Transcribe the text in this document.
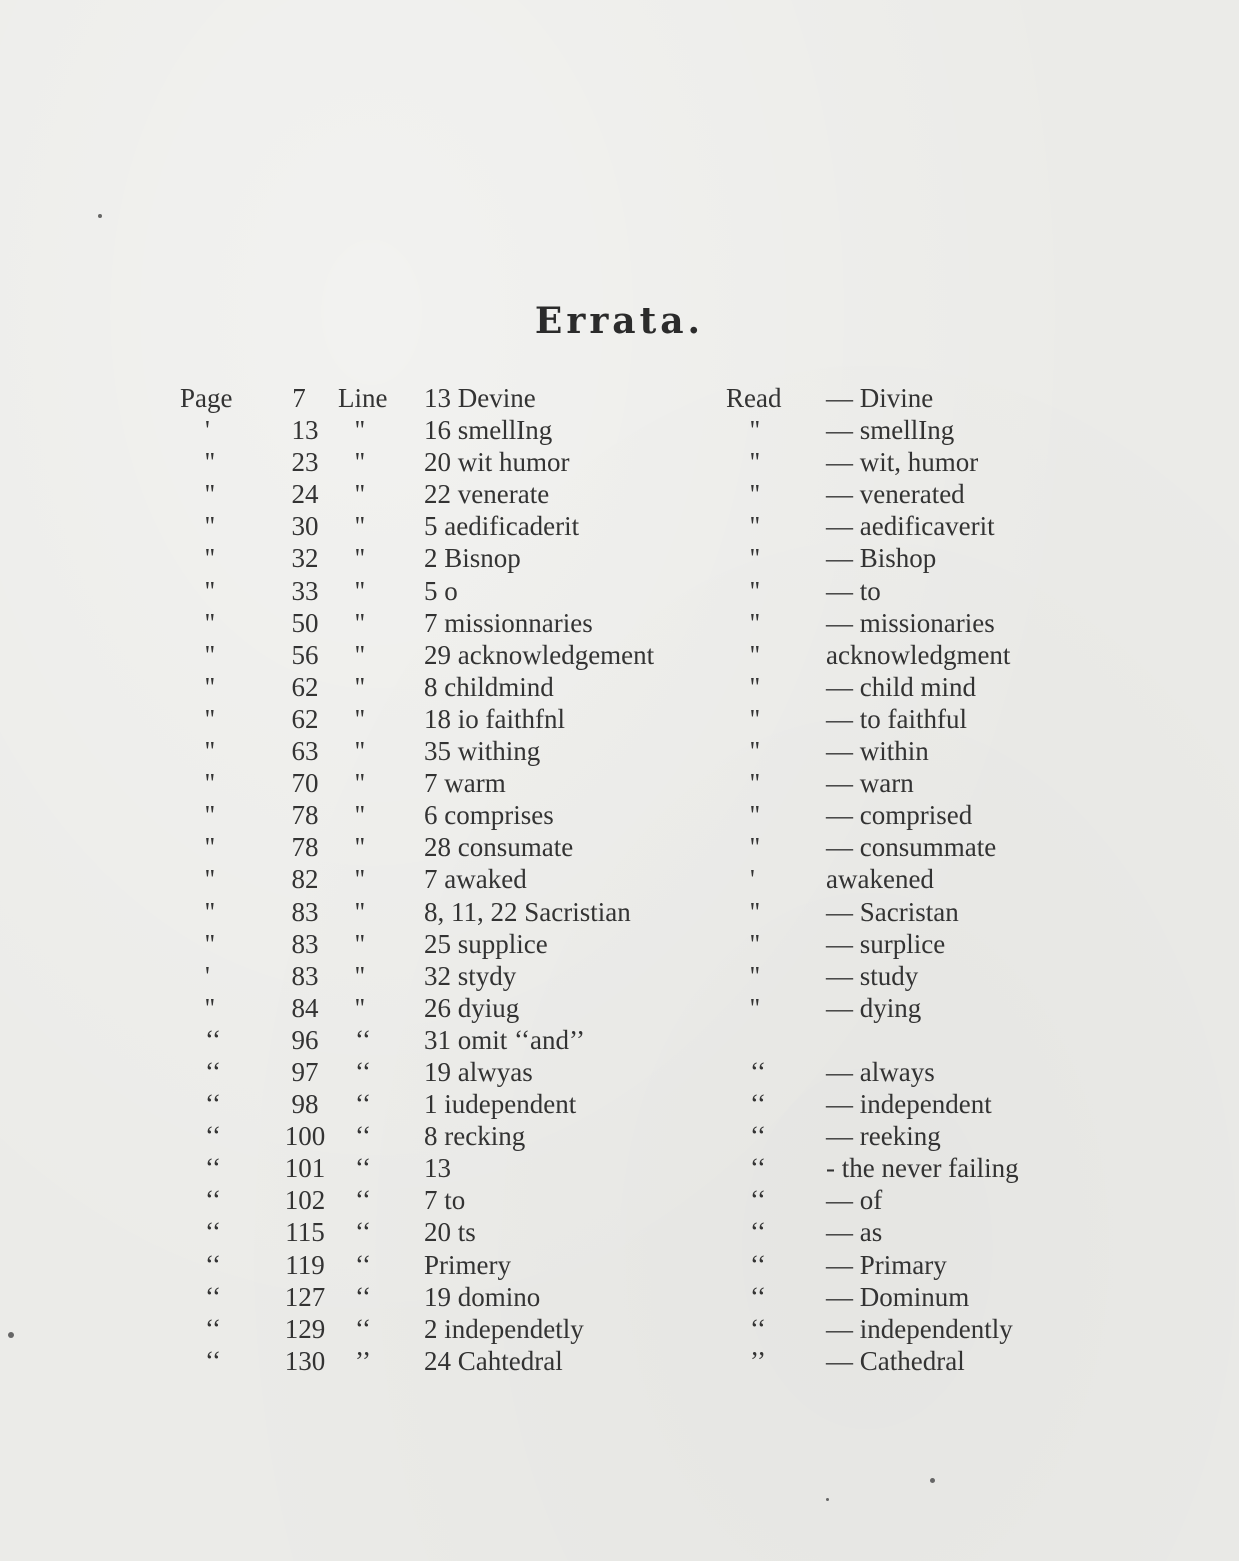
Errata.
Page	7	Line 13 Devine	Read — Divine
'	13	'' 16 smellIng	'' — smellIng
''	23	'' 20 wit humor	'' — wit, humor
''	24	'' 22 venerate	'' — venerated
''	30	'' 5 aedificaderit	'' — aedificaverit
''	32	'' 2 Bisnop	'' — Bishop
''	33	'' 5 o	'' — to
''	50	'' 7 missionnaries	'' — missionaries
''	56	'' 29 acknowledgement	'' acknowledgment
''	62	'' 8 childmind	'' — child mind
''	62	'' 18 io faithfnl	'' — to faithful
''	63	'' 35 withing	'' — within
''	70	'' 7 warm	'' — warn
''	78	'' 6 comprises	'' — comprised
''	78	'' 28 consumate	'' — consummate
''	82	'' 7 awaked	'	awakened
''	83	'' 8, 11, 22 Sacristian	'' — Sacristan
''	83	'' 25 supplice	'' — surplice
'	83	'' 32 stydy	'' — study
''	84	'' 26 dyiug	'' — dying
‘‘	96	‘‘ 31 omit ‘‘and’’
‘‘	97	‘‘ 19 alwyas	‘‘ — always
‘‘	98	‘‘ 1 iudependent	‘‘ — independent
‘‘	100	‘‘ 8 recking	‘‘ — reeking
‘‘	101	‘‘ 13	‘‘ - the never failing
‘‘	102	‘‘ 7 to	‘‘ — of
‘‘	115	‘‘ 20 ts	‘‘ — as
‘‘	119	‘‘ Primery	‘‘ — Primary
‘‘	127	‘‘ 19 domino	‘‘ — Dominum
‘‘	129	‘‘ 2 independetly	‘‘ — independently
‘‘	130	’’ 24 Cahtedral	’’ — Cathedral
